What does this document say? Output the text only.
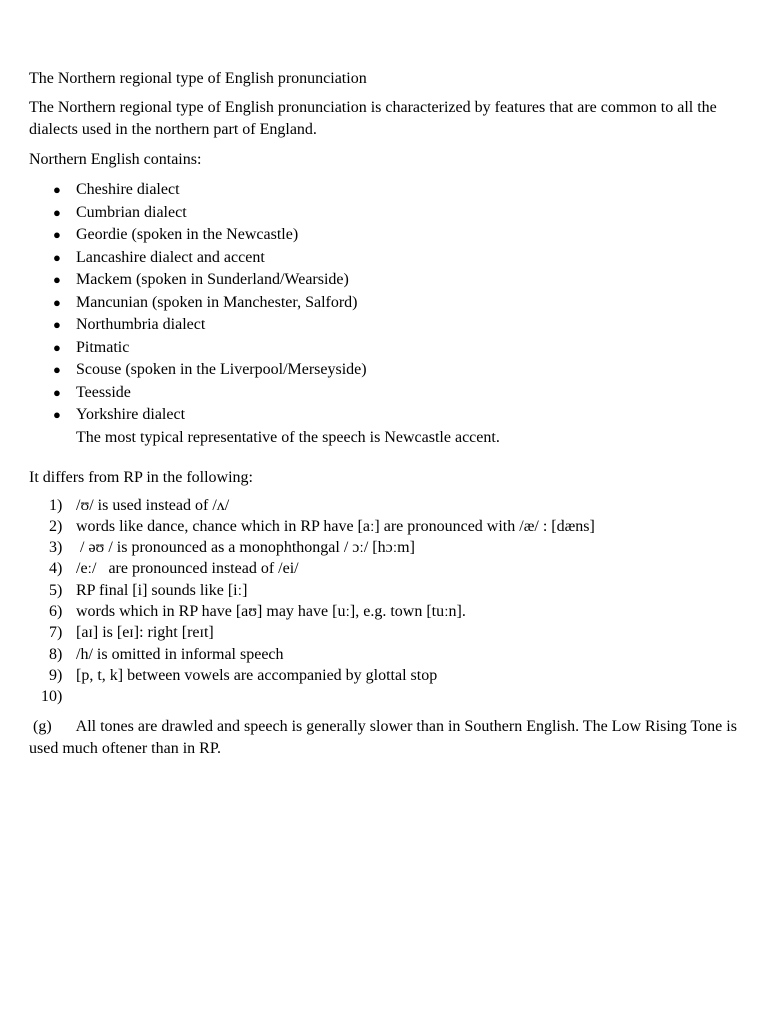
The Northern regional type of English pronunciation
The Northern regional type of English pronunciation is characterized by features that are common to all the dialects used in the northern part of England.
Northern English contains:
● Cheshire dialect
● Cumbrian dialect
● Geordie (spoken in the Newcastle)
● Lancashire dialect and accent
● Mackem (spoken in Sunderland/Wearside)
● Mancunian (spoken in Manchester, Salford)
● Northumbria dialect
● Pitmatic
● Scouse (spoken in the Liverpool/Merseyside)
● Teesside
● Yorkshire dialect
The most typical representative of the speech is Newcastle accent.
It differs from RP in the following:
1) /ʊ/ is used instead of /ʌ/
2) words like dance, chance which in RP have [aː] are pronounced with /æ/ : [dæns]
3) / əʊ / is pronounced as a monophthongal / ɔː/ [hɔːm]
4) /eː/   are pronounced instead of /ei/
5) RP final [i] sounds like [iː]
6) words which in RP have [aʊ] may have [uː], e.g. town [tuːn].
7) [aɪ] is [eɪ]: right [reɪt]
8) /h/ is omitted in informal speech
9) [p, t, k] between vowels are accompanied by glottal stop
10)

(g) All tones are drawled and speech is generally slower than in Southern English. The Low Rising Tone is used much oftener than in RP.
